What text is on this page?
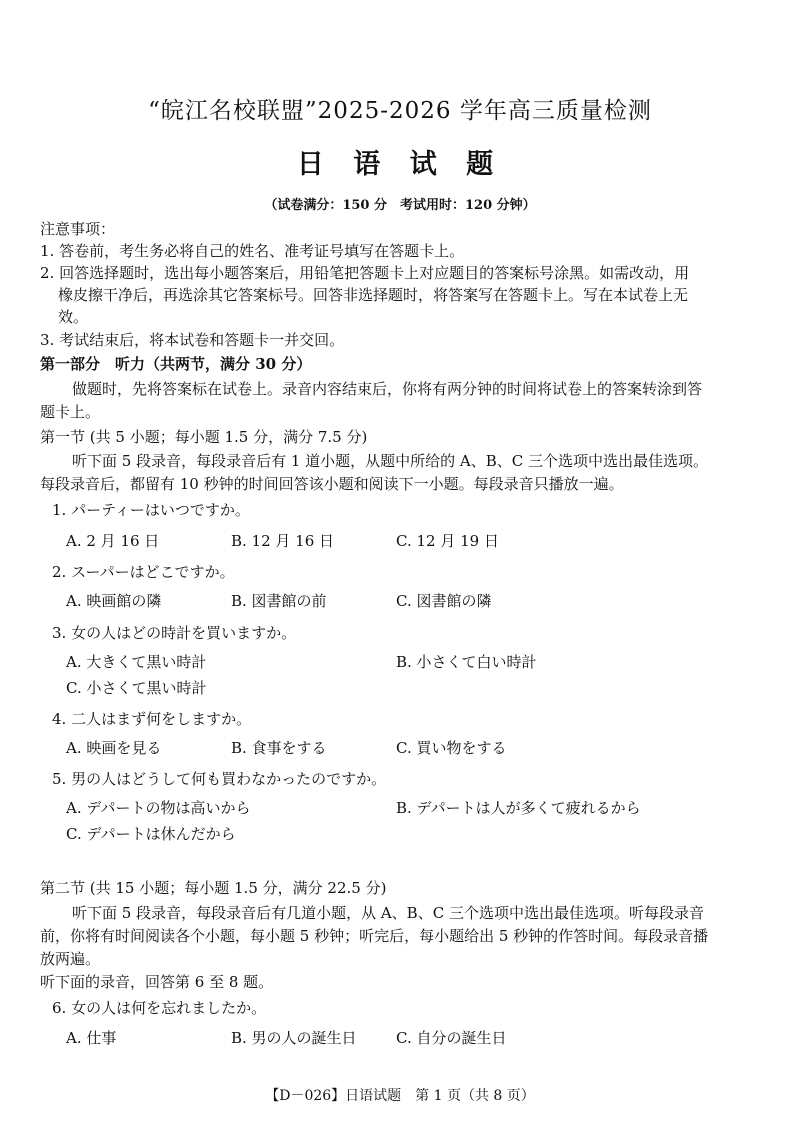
“皖江名校联盟”2025-2026 学年高三质量检测
日 语 试 题
（试卷满分：150 分　考试用时：120 分钟）
注意事项：
1. 答卷前，考生务必将自己的姓名、准考证号填写在答题卡上。
2. 回答选择题时，选出每小题答案后，用铅笔把答题卡上对应题目的答案标号涂黑。如需改动，用
橡皮擦干净后，再选涂其它答案标号。回答非选择题时，将答案写在答题卡上。写在本试卷上无
效。
3. 考试结束后，将本试卷和答题卡一并交回。
第一部分　听力（共两节，满分 30 分）
做题时，先将答案标在试卷上。录音内容结束后，你将有两分钟的时间将试卷上的答案转涂到答
题卡上。
第一节 (共 5 小题；每小题 1.5 分，满分 7.5 分)
听下面 5 段录音，每段录音后有 1 道小题，从题中所给的 A、B、C 三个选项中选出最佳选项。
每段录音后，都留有 10 秒钟的时间回答该小题和阅读下一小题。每段录音只播放一遍。
1. パーティーはいつですか。
A. 2 月 16 日	B. 12 月 16 日	C. 12 月 19 日
2. スーパーはどこですか。
A. 映画館の隣	B. 図書館の前	C. 図書館の隣
3. 女の人はどの時計を買いますか。
A. 大きくて黒い時計	B. 小さくて白い時計
C. 小さくて黒い時計
4. 二人はまず何をしますか。
A. 映画を見る	B. 食事をする	C. 買い物をする
5. 男の人はどうして何も買わなかったのですか。
A. デパートの物は高いから	B. デパートは人が多くて疲れるから
C. デパートは休んだから
第二节 (共 15 小题；每小题 1.5 分，满分 22.5 分)
听下面 5 段录音，每段录音后有几道小题，从 A、B、C 三个选项中选出最佳选项。听每段录音
前，你将有时间阅读各个小题，每小题 5 秒钟；听完后，每小题给出 5 秒钟的作答时间。每段录音播
放两遍。
听下面的录音，回答第 6 至 8 题。
6. 女の人は何を忘れましたか。
A. 仕事	B. 男の人の誕生日	C. 自分の誕生日
【D－026】日语试题　第 1 页（共 8 页）
